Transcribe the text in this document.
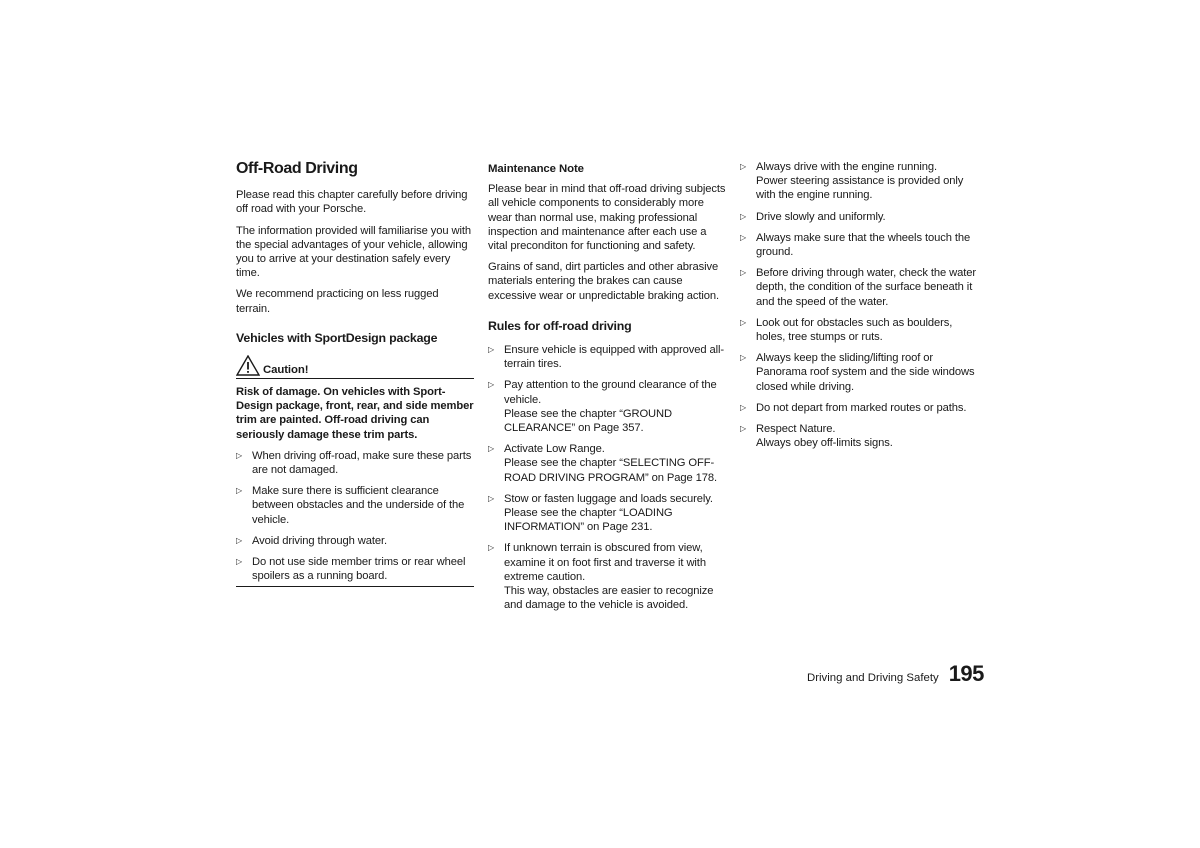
Off-Road Driving

Please read this chapter carefully before driving off road with your Porsche.

The information provided will familiarise you with the special advantages of your vehicle, allowing you to arrive at your destination safely every time.

We recommend practicing on less rugged terrain.

Vehicles with SportDesign package
Caution!
Risk of damage. On vehicles with Sport-Design package, front, rear, and side member trim are painted. Off-road driving can seriously damage these trim parts.
▷ When driving off-road, make sure these parts are not damaged.
▷ Make sure there is sufficient clearance between obstacles and the underside of the vehicle.
▷ Avoid driving through water.
▷ Do not use side member trims or rear wheel spoilers as a running board.
Maintenance Note

Please bear in mind that off-road driving subjects all vehicle components to considerably more wear than normal use, making professional inspection and maintenance after each use a vital preconditon for functioning and safety.

Grains of sand, dirt particles and other abrasive materials entering the brakes can cause excessive wear or unpredictable braking action.

Rules for off-road driving
▷ Ensure vehicle is equipped with approved all-terrain tires.
▷ Pay attention to the ground clearance of the vehicle.
Please see the chapter “GROUND CLEARANCE” on Page 357.
▷ Activate Low Range.
Please see the chapter “SELECTING OFF-ROAD DRIVING PROGRAM” on Page 178.
▷ Stow or fasten luggage and loads securely.
Please see the chapter “LOADING INFORMATION” on Page 231.
▷ If unknown terrain is obscured from view, examine it on foot first and traverse it with extreme caution.
This way, obstacles are easier to recognize and damage to the vehicle is avoided.
▷ Always drive with the engine running.
Power steering assistance is provided only with the engine running.
▷ Drive slowly and uniformly.
▷ Always make sure that the wheels touch the ground.
▷ Before driving through water, check the water depth, the condition of the surface beneath it and the speed of the water.
▷ Look out for obstacles such as boulders, holes, tree stumps or ruts.
▷ Always keep the sliding/lifting roof or Panorama roof system and the side windows closed while driving.
▷ Do not depart from marked routes or paths.
▷ Respect Nature.
Always obey off-limits signs.
Driving and Driving Safety 195
